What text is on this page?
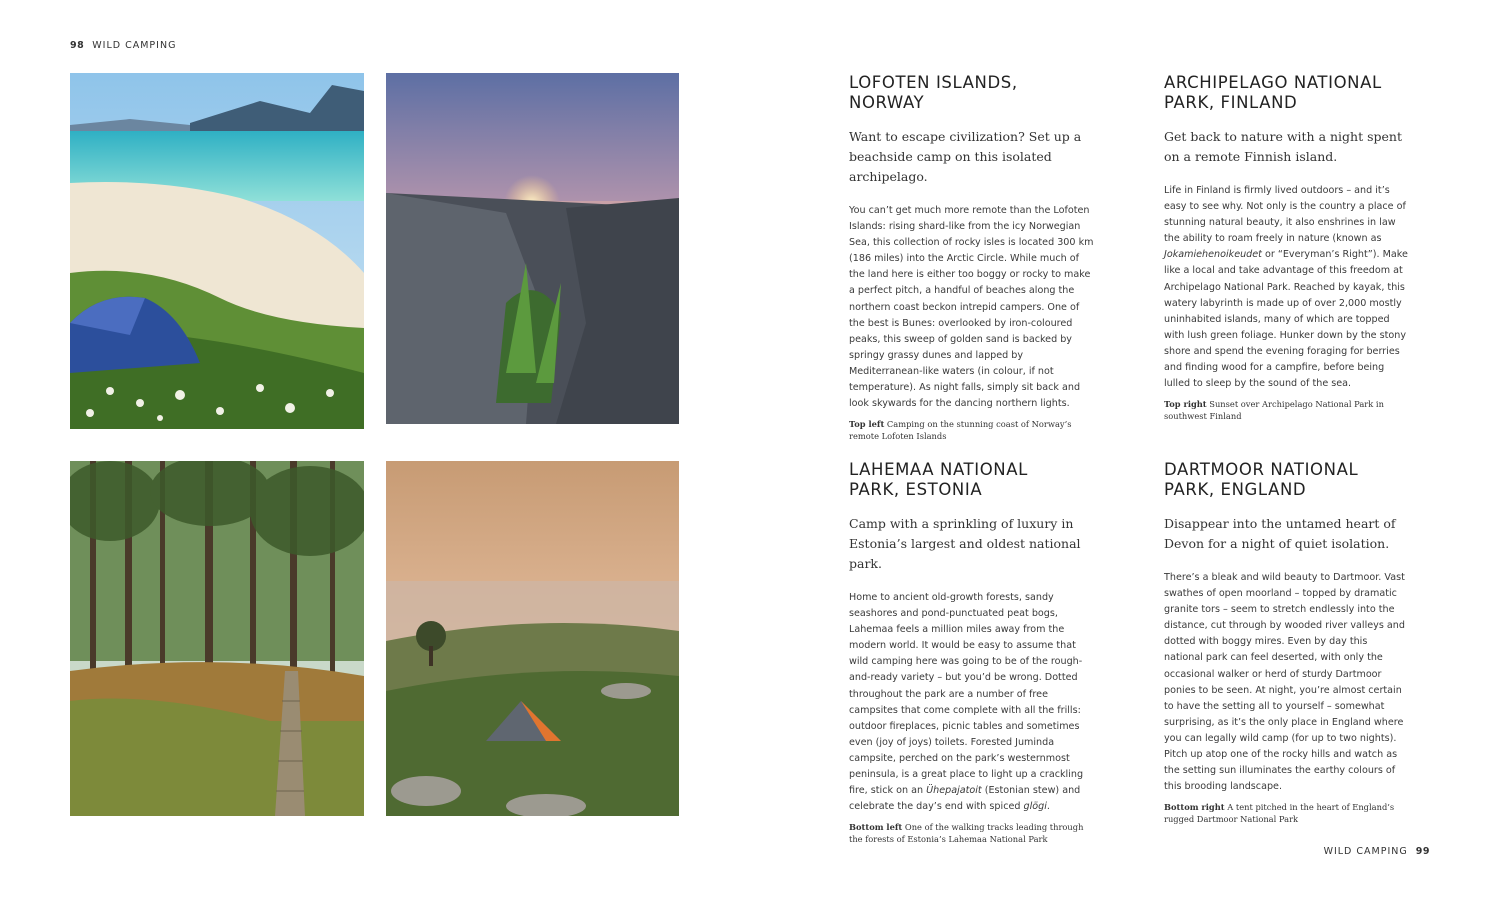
98 WILD CAMPING
LOFOTEN ISLANDS,
NORWAY

Want to escape civilization? Set up a beachside camp on this isolated archipelago.

You can’t get much more remote than the Lofoten Islands: rising shard-like from the icy Norwegian Sea, this collection of rocky isles is located 300 km (186 miles) into the Arctic Circle. While much of the land here is either too boggy or rocky to make a perfect pitch, a handful of beaches along the northern coast beckon intrepid campers. One of the best is Bunes: overlooked by iron-coloured peaks, this sweep of golden sand is backed by springy grassy dunes and lapped by Mediterranean-like waters (in colour, if not temperature). As night falls, simply sit back and look skywards for the dancing northern lights.

Top left Camping on the stunning coast of Norway’s remote Lofoten Islands

ARCHIPELAGO NATIONAL
PARK, FINLAND

Get back to nature with a night spent on a remote Finnish island.

Life in Finland is firmly lived outdoors – and it’s easy to see why. Not only is the country a place of stunning natural beauty, it also enshrines in law the ability to roam freely in nature (known as Jokamiehenoikeudet or “Everyman’s Right”). Make like a local and take advantage of this freedom at Archipelago National Park. Reached by kayak, this watery labyrinth is made up of over 2,000 mostly uninhabited islands, many of which are topped with lush green foliage. Hunker down by the stony shore and spend the evening foraging for berries and finding wood for a campfire, before being lulled to sleep by the sound of the sea.

Top right Sunset over Archipelago National Park in southwest Finland

LAHEMAA NATIONAL
PARK, ESTONIA

Camp with a sprinkling of luxury in Estonia’s largest and oldest national park.

Home to ancient old-growth forests, sandy seashores and pond-punctuated peat bogs, Lahemaa feels a million miles away from the modern world. It would be easy to assume that wild camping here was going to be of the rough-and-ready variety – but you’d be wrong. Dotted throughout the park are a number of free campsites that come complete with all the frills: outdoor fireplaces, picnic tables and sometimes even (joy of joys) toilets. Forested Juminda campsite, perched on the park’s westernmost peninsula, is a great place to light up a crackling fire, stick on an Ühepajatoit (Estonian stew) and celebrate the day’s end with spiced glögi.

Bottom left One of the walking tracks leading through the forests of Estonia’s Lahemaa National Park

DARTMOOR NATIONAL
PARK, ENGLAND

Disappear into the untamed heart of Devon for a night of quiet isolation.

There’s a bleak and wild beauty to Dartmoor. Vast swathes of open moorland – topped by dramatic granite tors – seem to stretch endlessly into the distance, cut through by wooded river valleys and dotted with boggy mires. Even by day this national park can feel deserted, with only the occasional walker or herd of sturdy Dartmoor ponies to be seen. At night, you’re almost certain to have the setting all to yourself – somewhat surprising, as it’s the only place in England where you can legally wild camp (for up to two nights). Pitch up atop one of the rocky hills and watch as the setting sun illuminates the earthy colours of this brooding landscape.

Bottom right A tent pitched in the heart of England’s rugged Dartmoor National Park

WILD CAMPING 99
